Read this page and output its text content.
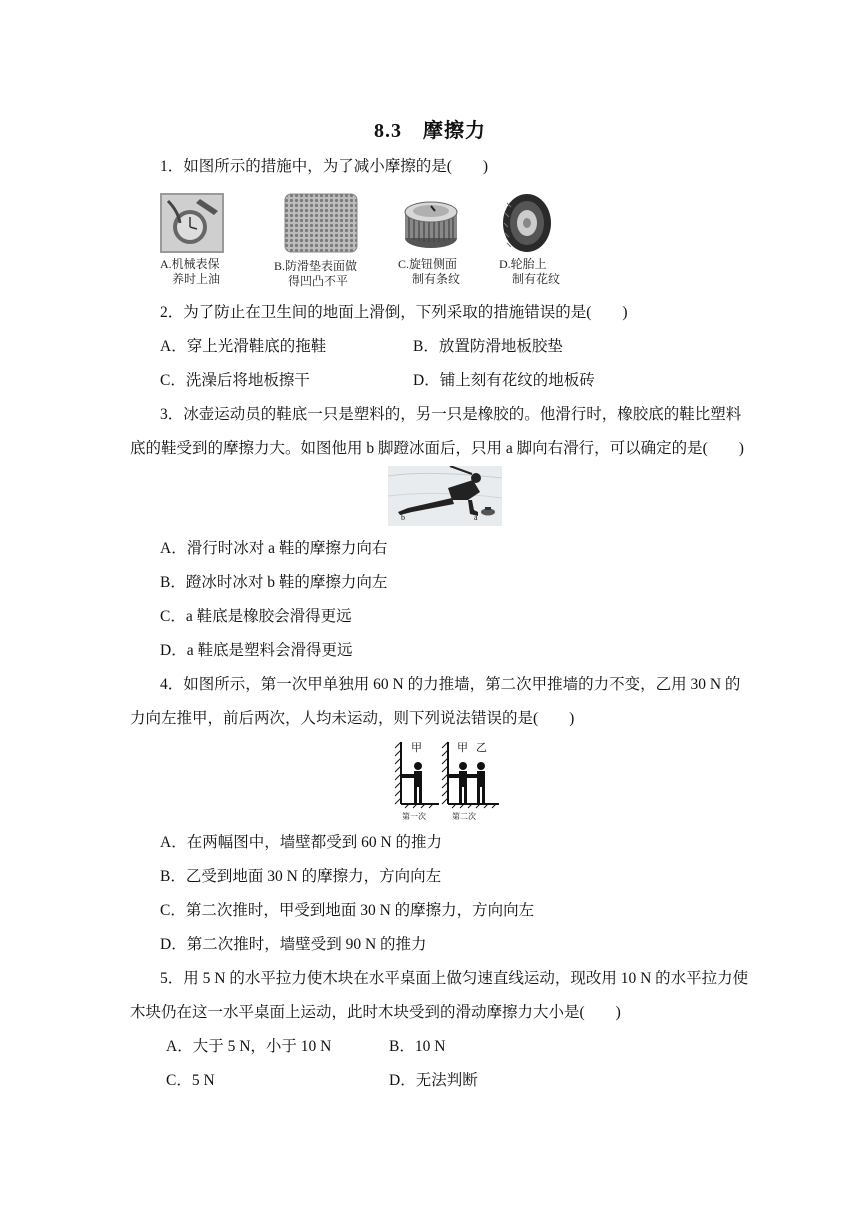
8.3　摩擦力
1．如图所示的措施中，为了减小摩擦的是(　　)
A.机械表保
养时上油
B.防滑垫表面做
得凹凸不平
C.旋钮侧面
制有条纹
D.轮胎上
制有花纹
2．为了防止在卫生间的地面上滑倒，下列采取的措施错误的是(　　)
A．穿上光滑鞋底的拖鞋	B．放置防滑地板胶垫
C．洗澡后将地板擦干	D．铺上刻有花纹的地板砖
3．冰壶运动员的鞋底一只是塑料的，另一只是橡胶的。他滑行时，橡胶底的鞋比塑料
底的鞋受到的摩擦力大。如图他用 b 脚蹬冰面后，只用 a 脚向右滑行，可以确定的是(　　)
b	a
A．滑行时冰对 a 鞋的摩擦力向右
B．蹬冰时冰对 b 鞋的摩擦力向左
C．a 鞋底是橡胶会滑得更远
D．a 鞋底是塑料会滑得更远
4．如图所示，第一次甲单独用 60 N 的力推墙，第二次甲推墙的力不变，乙用 30 N 的
力向左推甲，前后两次，人均未运动，则下列说法错误的是(　　)
甲	甲 乙
第一次	第二次
A．在两幅图中，墙壁都受到 60 N 的推力
B．乙受到地面 30 N 的摩擦力，方向向左
C．第二次推时，甲受到地面 30 N 的摩擦力，方向向左
D．第二次推时，墙壁受到 90 N 的推力
5．用 5 N 的水平拉力使木块在水平桌面上做匀速直线运动，现改用 10 N 的水平拉力使
木块仍在这一水平桌面上运动，此时木块受到的滑动摩擦力大小是(　　)
A．大于 5 N，小于 10 N	B．10 N
C．5 N	D．无法判断
